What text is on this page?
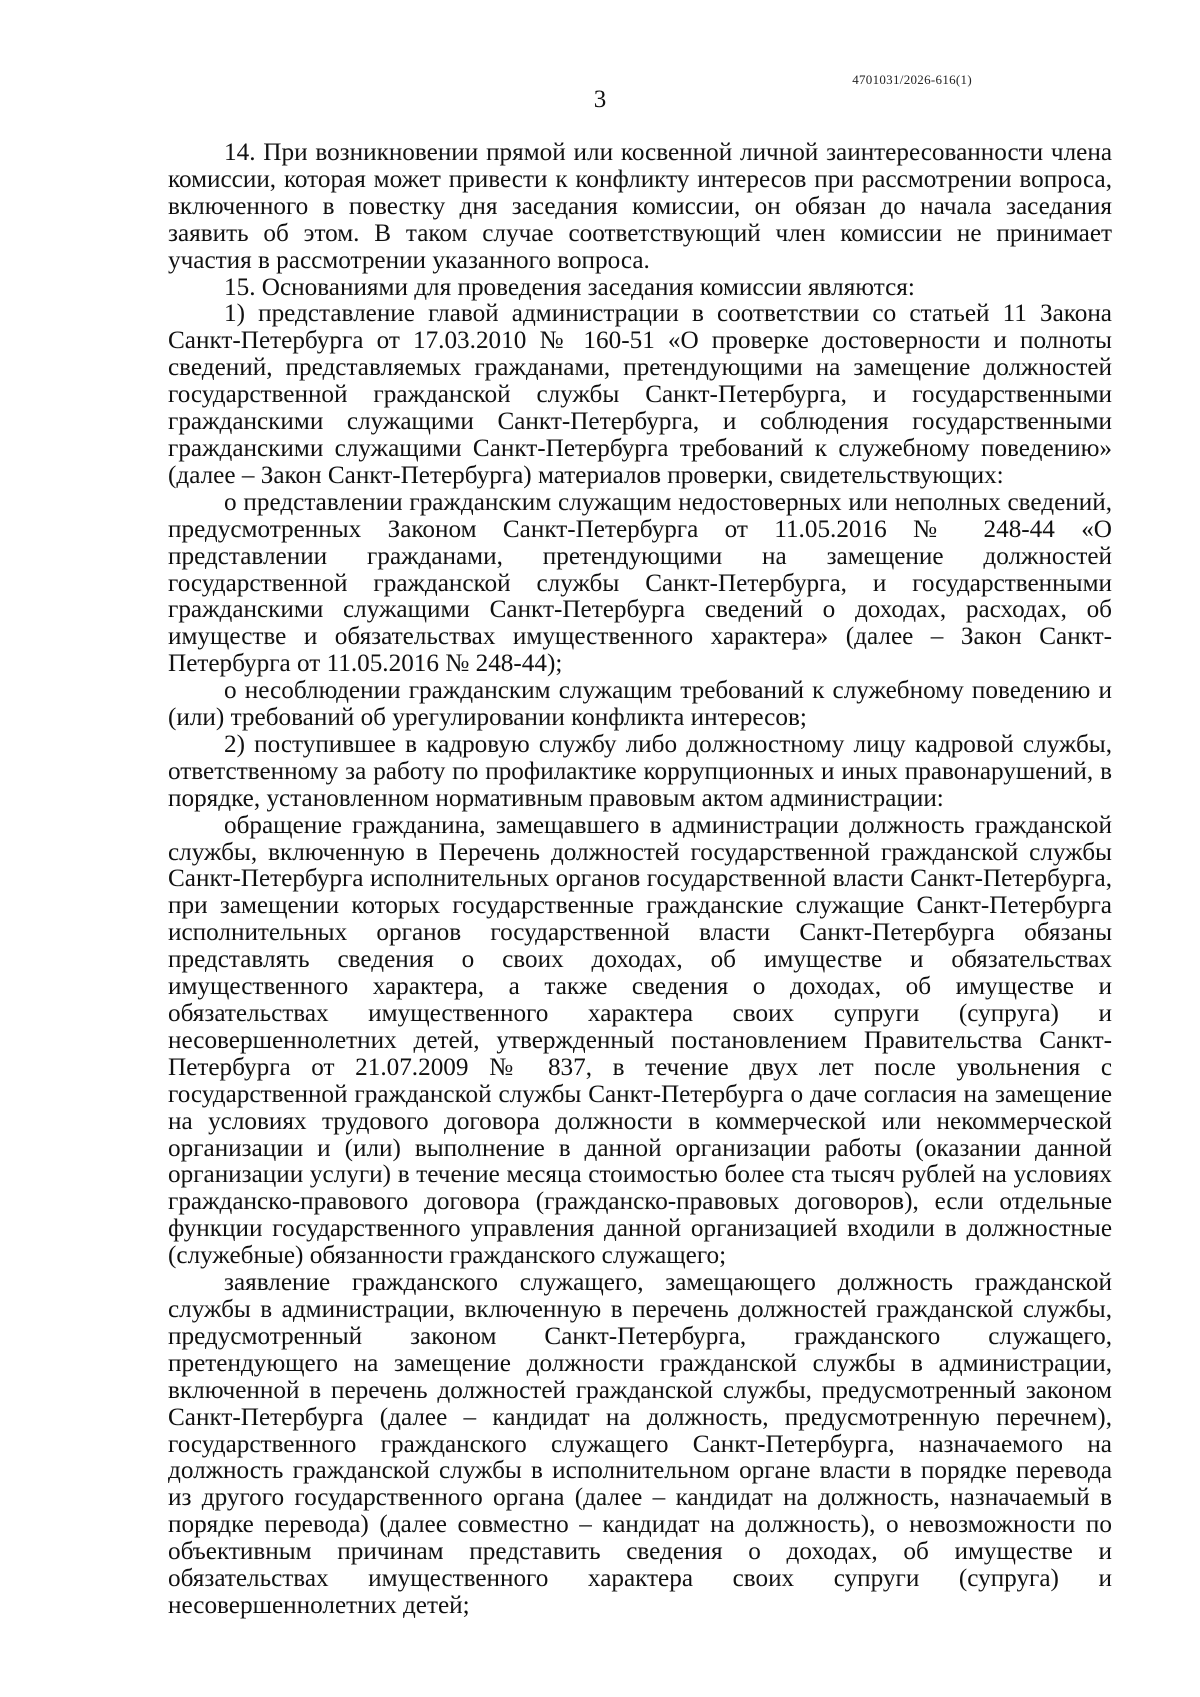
4701031/2026-616(1)
3

14. При возникновении прямой или косвенной личной заинтересованности члена комиссии, которая может привести к конфликту интересов при рассмотрении вопроса, включенного в повестку дня заседания комиссии, он обязан до начала заседания заявить об этом. В таком случае соответствующий член комиссии не принимает участия в рассмотрении указанного вопроса.

15. Основаниями для проведения заседания комиссии являются:

1) представление главой администрации в соответствии со статьей 11 Закона Санкт-Петербурга от 17.03.2010 № 160-51 «О проверке достоверности и полноты сведений, представляемых гражданами, претендующими на замещение должностей государственной гражданской службы Санкт-Петербурга, и государственными гражданскими служащими Санкт-Петербурга, и соблюдения государственными гражданскими служащими Санкт-Петербурга требований к служебному поведению» (далее – Закон Санкт-Петербурга) материалов проверки, свидетельствующих:

о представлении гражданским служащим недостоверных или неполных сведений, предусмотренных Законом Санкт-Петербурга от 11.05.2016 № 248-44 «О представлении гражданами, претендующими на замещение должностей государственной гражданской службы Санкт-Петербурга, и государственными гражданскими служащими Санкт-Петербурга сведений о доходах, расходах, об имуществе и обязательствах имущественного характера» (далее – Закон Санкт-Петербурга от 11.05.2016 № 248-44);

о несоблюдении гражданским служащим требований к служебному поведению и (или) требований об урегулировании конфликта интересов;

2) поступившее в кадровую службу либо должностному лицу кадровой службы, ответственному за работу по профилактике коррупционных и иных правонарушений, в порядке, установленном нормативным правовым актом администрации:

обращение гражданина, замещавшего в администрации должность гражданской службы, включенную в Перечень должностей государственной гражданской службы Санкт-Петербурга исполнительных органов государственной власти Санкт-Петербурга, при замещении которых государственные гражданские служащие Санкт-Петербурга исполнительных органов государственной власти Санкт-Петербурга обязаны представлять сведения о своих доходах, об имуществе и обязательствах имущественного характера, а также сведения о доходах, об имуществе и обязательствах имущественного характера своих супруги (супруга) и несовершеннолетних детей, утвержденный постановлением Правительства Санкт-Петербурга от 21.07.2009 № 837, в течение двух лет после увольнения с государственной гражданской службы Санкт-Петербурга о даче согласия на замещение на условиях трудового договора должности в коммерческой или некоммерческой организации и (или) выполнение в данной организации работы (оказании данной организации услуги) в течение месяца стоимостью более ста тысяч рублей на условиях гражданско-правового договора (гражданско-правовых договоров), если отдельные функции государственного управления данной организацией входили в должностные (служебные) обязанности гражданского служащего;

заявление гражданского служащего, замещающего должность гражданской службы в администрации, включенную в перечень должностей гражданской службы, предусмотренный законом Санкт-Петербурга, гражданского служащего, претендующего на замещение должности гражданской службы в администрации, включенной в перечень должностей гражданской службы, предусмотренный законом Санкт-Петербурга (далее – кандидат на должность, предусмотренную перечнем), государственного гражданского служащего Санкт-Петербурга, назначаемого на должность гражданской службы в исполнительном органе власти в порядке перевода из другого государственного органа (далее – кандидат на должность, назначаемый в порядке перевода) (далее совместно – кандидат на должность), о невозможности по объективным причинам представить сведения о доходах, об имуществе и обязательствах имущественного характера своих супруги (супруга) и несовершеннолетних детей;
